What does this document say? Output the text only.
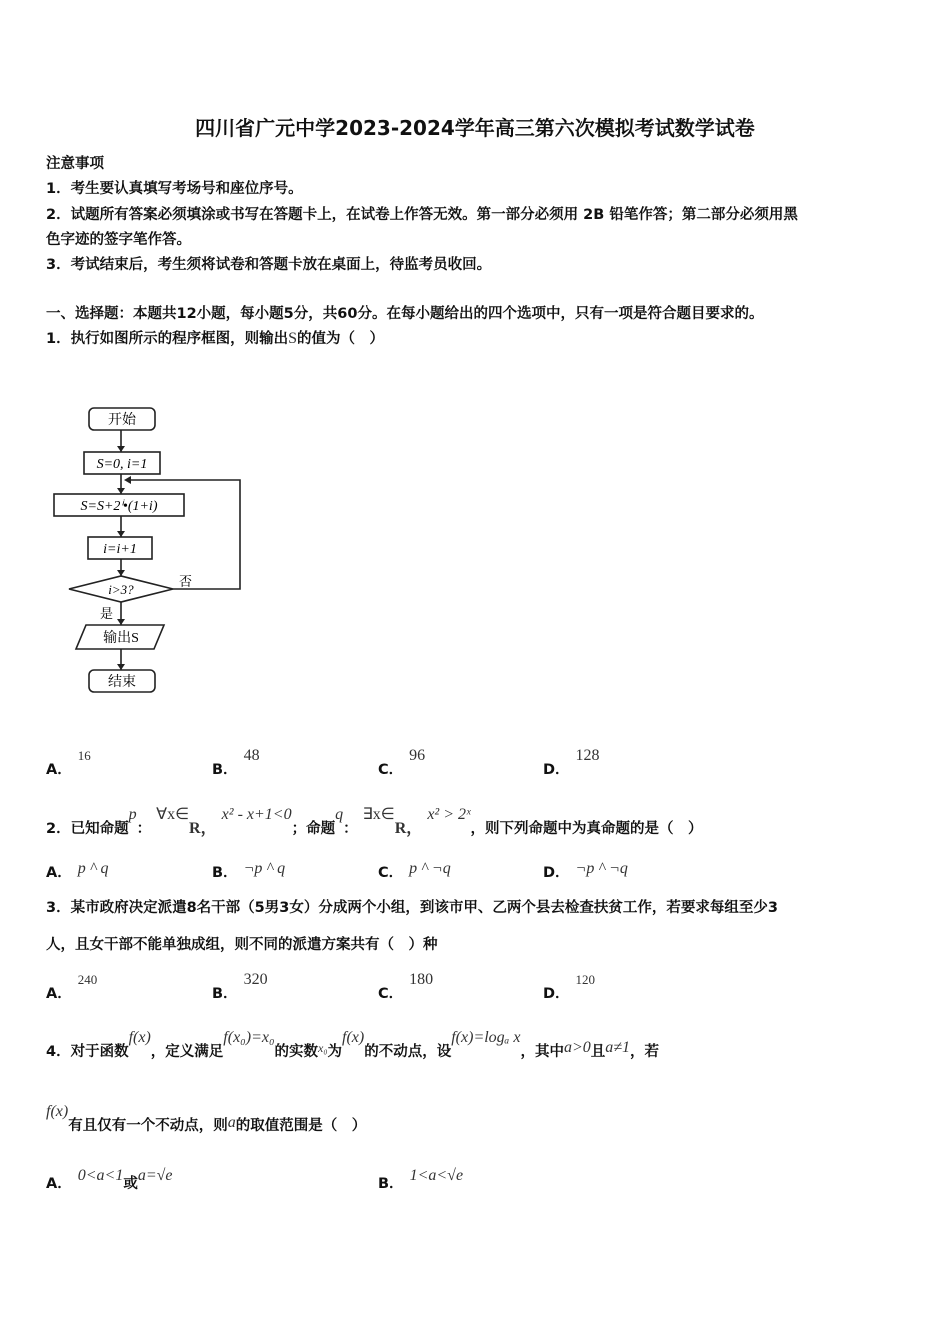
四川省广元中学2023-2024学年高三第六次模拟考试数学试卷
注意事项
1．考生要认真填写考场号和座位序号。
2．试题所有答案必须填涂或书写在答题卡上，在试卷上作答无效。第一部分必须用 2B 铅笔作答；第二部分必须用黑
色字迹的签字笔作答。
3．考试结束后，考生须将试卷和答题卡放在桌面上，待监考员收回。
一、选择题：本题共12小题，每小题5分，共60分。在每小题给出的四个选项中，只有一项是符合题目要求的。
1．执行如图所示的程序框图，则输出S的值为（　）
开始
S=0, i=1
S=S+2ⁱ•(1+i)
i=i+1
i>3?
否
是
输出S
结束
A．16
B．48
C．96
D．128
2．已知命题p： ∀x∈R， x² - x+1<0；命题q： ∃x∈R， x² > 2ˣ，则下列命题中为真命题的是（　）
A． p ^ q	B． ¬p ^ q	C． p ^ ¬q	D． ¬p ^ ¬q
3．某市政府决定派遣8名干部（5男3女）分成两个小组，到该市甲、乙两个县去检查扶贫工作，若要求每组至少3
人，且女干部不能单独成组，则不同的派遣方案共有（　）种
A．240
B．320
C．180
D．120
4．对于函数f(x)，定义满足f(x₀)=x₀的实数$^{x_0}$为f(x)的不动点，设f(x)=logₐ x，其中a>0且a≠1，若
f(x)有且仅有一个不动点，则a的取值范围是（　）
A． 0<a<1或a=√e	B． 1<a<√e
